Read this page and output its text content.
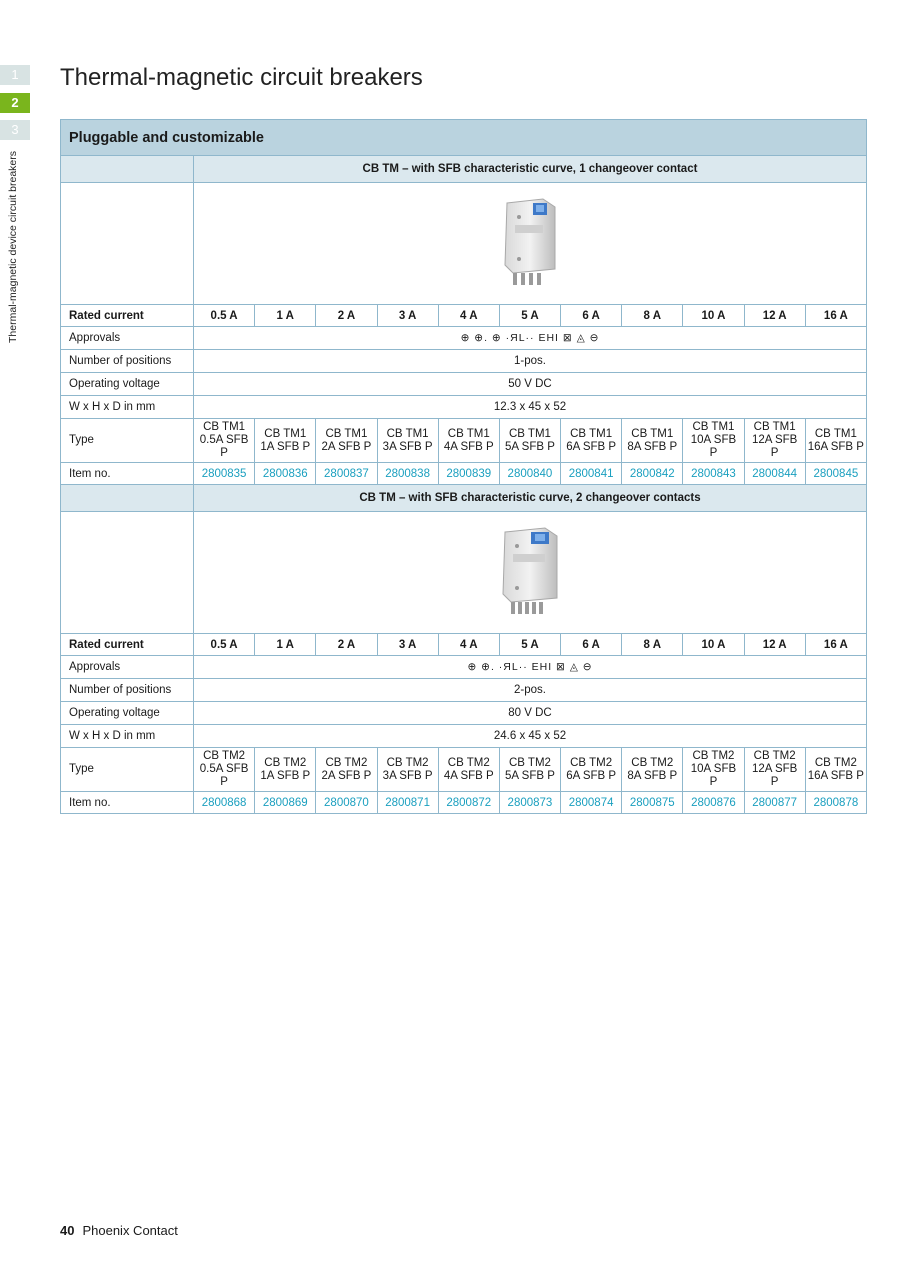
1
2
3
Thermal-magnetic device circuit breakers
Thermal-magnetic circuit breakers
Pluggable and customizable											
	CB TM – with SFB characteristic curve, 1 changeover contact										

Rated current	0.5 A	1 A	2 A	3 A	4 A	5 A	6 A	8 A	10 A	12 A	16 A
Approvals	⊕ ⊕. ⊕ ·ЯL·· EHI ⊠ ◬ ⊖										
Number of positions	1-pos.										
Operating voltage	50 V DC										
W x H x D in mm	12.3 x 45 x 52										
Type	CB TM1 0.5A SFB P	CB TM1 1A SFB P	CB TM1 2A SFB P	CB TM1 3A SFB P	CB TM1 4A SFB P	CB TM1 5A SFB P	CB TM1 6A SFB P	CB TM1 8A SFB P	CB TM1 10A SFB P	CB TM1 12A SFB P	CB TM1 16A SFB P
Item no.	2800835	2800836	2800837	2800838	2800839	2800840	2800841	2800842	2800843	2800844	2800845
	CB TM – with SFB characteristic curve, 2 changeover contacts										

Rated current	0.5 A	1 A	2 A	3 A	4 A	5 A	6 A	8 A	10 A	12 A	16 A
Approvals	⊕ ⊕. ·ЯL·· EHI ⊠ ◬ ⊖										
Number of positions	2-pos.										
Operating voltage	80 V DC										
W x H x D in mm	24.6 x 45 x 52										
Type	CB TM2 0.5A SFB P	CB TM2 1A SFB P	CB TM2 2A SFB P	CB TM2 3A SFB P	CB TM2 4A SFB P	CB TM2 5A SFB P	CB TM2 6A SFB P	CB TM2 8A SFB P	CB TM2 10A SFB P	CB TM2 12A SFB P	CB TM2 16A SFB P
Item no.	2800868	2800869	2800870	2800871	2800872	2800873	2800874	2800875	2800876	2800877	2800878
40 Phoenix Contact
